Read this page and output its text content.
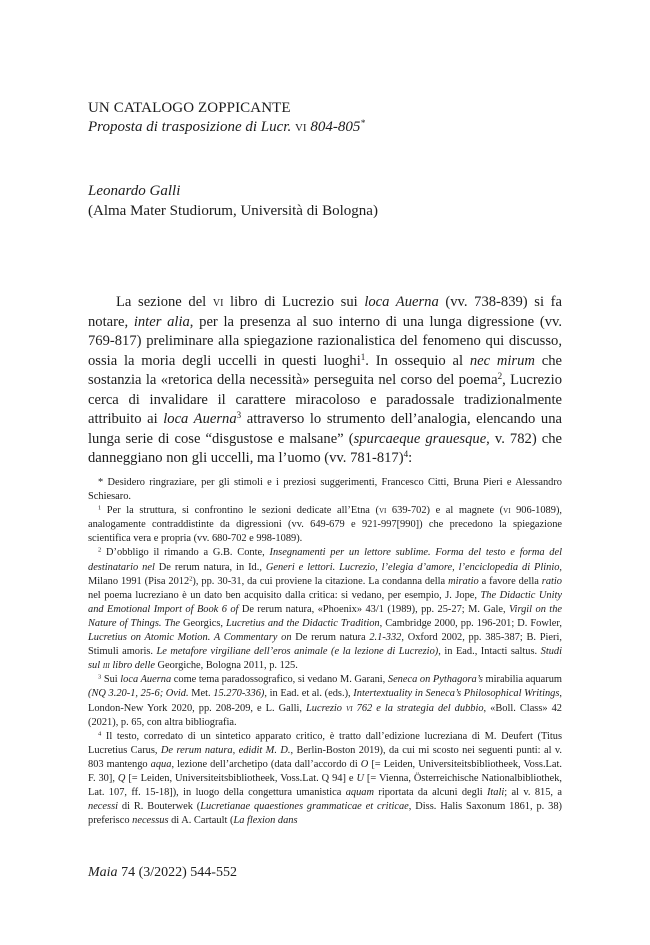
UN CATALOGO ZOPPICANTE
Proposta di trasposizione di Lucr. vi 804-805*
Leonardo Galli
(Alma Mater Studiorum, Università di Bologna)

La sezione del vi libro di Lucrezio sui loca Auerna (vv. 738-839) si fa notare, inter alia, per la presenza al suo interno di una lunga digressione (vv. 769-817) preliminare alla spiegazione razionalistica del fenomeno qui discusso, ossia la moria degli uccelli in questi luoghi$^1$. In ossequio al nec mirum che sostanzia la «retorica della necessità» perseguita nel corso del poema$^2$, Lucrezio cerca di invalidare il carattere miracoloso e paradossale tradizionalmente attribuito ai loca Auerna$^3$ attraverso lo strumento dell’analogia, elencando una lunga serie di cose “disgustose e malsane” (spurcaeque grauesque, v. 782) che danneggiano non gli uccelli, ma l’uomo (vv. 781-817)$^4$:

* Desidero ringraziare, per gli stimoli e i preziosi suggerimenti, Francesco Citti, Bruna Pieri e Alessandro Schiesaro.

$^1$ Per la struttura, si confrontino le sezioni dedicate all’Etna (vi 639-702) e al magnete (vi 906-1089), analogamente contraddistinte da digressioni (vv. 649-679 e 921-997[990]) che precedono la spiegazione scientifica vera e propria (vv. 680-702 e 998-1089).

$^2$ D’obbligo il rimando a G.B. Conte, Insegnamenti per un lettore sublime. Forma del testo e forma del destinatario nel De rerum natura, in Id., Generi e lettori. Lucrezio, l’elegia d’amore, l’enciclopedia di Plinio, Milano 1991 (Pisa 2012$^2$), pp. 30-31, da cui proviene la citazione. La condanna della miratio a favore della ratio nel poema lucreziano è un dato ben acquisito dalla critica: si vedano, per esempio, J. Jope, The Didactic Unity and Emotional Import of Book 6 of De rerum natura, «Phoenix» 43/1 (1989), pp. 25-27; M. Gale, Virgil on the Nature of Things. The Georgics, Lucretius and the Didactic Tradition, Cambridge 2000, pp. 196-201; D. Fowler, Lucretius on Atomic Motion. A Commentary on De rerum natura 2.1-332, Oxford 2002, pp. 385-387; B. Pieri, Stimuli amoris. Le metafore virgiliane dell’eros animale (e la lezione di Lucrezio), in Ead., Intacti saltus. Studi sul iii libro delle Georgiche, Bologna 2011, p. 125.

$^3$ Sui loca Auerna come tema paradossografico, si vedano M. Garani, Seneca on Pythagora’s mirabilia aquarum (NQ 3.20-1, 25-6; Ovid. Met. 15.270-336), in Ead. et al. (eds.), Intertextuality in Seneca’s Philosophical Writings, London-New York 2020, pp. 208-209, e L. Galli, Lucrezio vi 762 e la strategia del dubbio, «Boll. Class» 42 (2021), p. 65, con altra bibliografia.

$^4$ Il testo, corredato di un sintetico apparato critico, è tratto dall’edizione lucreziana di M. Deufert (Titus Lucretius Carus, De rerum natura, edidit M. D., Berlin-Boston 2019), da cui mi scosto nei seguenti punti: al v. 803 mantengo aqua, lezione dell’archetipo (data dall’accordo di O [= Leiden, Universiteitsbibliotheek, Voss.Lat. F. 30], Q [= Leiden, Universiteitsbibliotheek, Voss.Lat. Q 94] e U [= Vienna, Österreichische Nationalbibliothek, Lat. 107, ff. 15-18]), in luogo della congettura umanistica aquam riportata da alcuni degli Itali; al v. 815, a necessi di R. Bouterwek (Lucretianae quaestiones grammaticae et criticae, Diss. Halis Saxonum 1861, p. 38) preferisco necessus di A. Cartault (La flexion dans

Maia 74 (3/2022) 544-552
